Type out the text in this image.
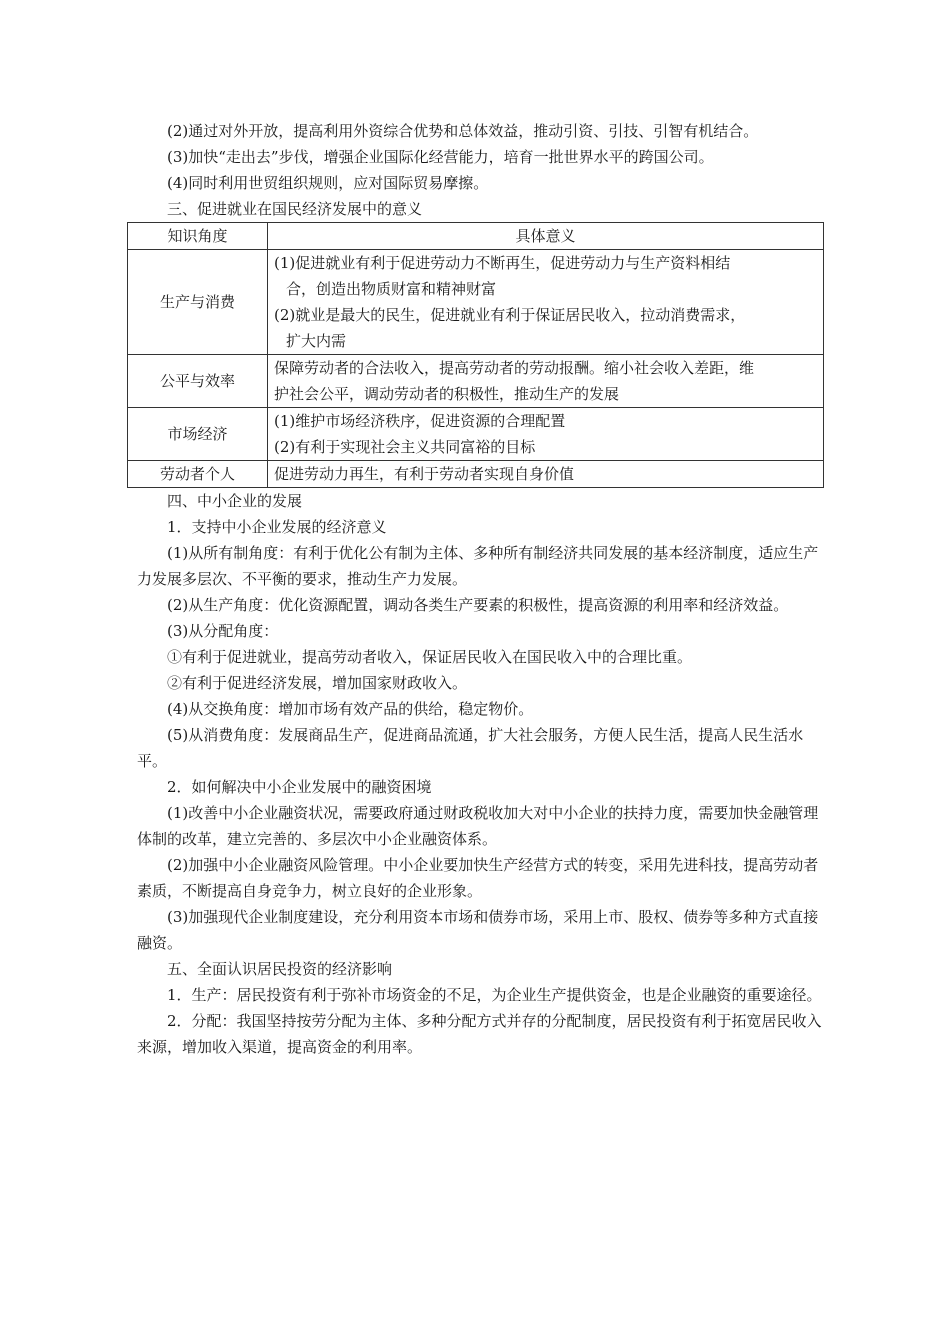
(2)通过对外开放，提高利用外资综合优势和总体效益，推动引资、引技、引智有机结合。

(3)加快“走出去”步伐，增强企业国际化经营能力，培育一批世界水平的跨国公司。

(4)同时利用世贸组织规则，应对国际贸易摩擦。

三、促进就业在国民经济发展中的意义

知识角度	具体意义
生产与消费	(1)促进就业有利于促进劳动力不断再生，促进劳动力与生产资料相结
合，创造出物质财富和精神财富
(2)就业是最大的民生，促进就业有利于保证居民收入，拉动消费需求，
扩大内需

公平与效率	保障劳动者的合法收入，提高劳动者的劳动报酬。缩小社会收入差距，维
护社会公平，调动劳动者的积极性，推动生产的发展

市场经济	(1)维护市场经济秩序，促进资源的合理配置
(2)有利于实现社会主义共同富裕的目标

劳动者个人	促进劳动力再生，有利于劳动者实现自身价值

四、中小企业的发展

1．支持中小企业发展的经济意义

(1)从所有制角度：有利于优化公有制为主体、多种所有制经济共同发展的基本经济制度，适应生产力发展多层次、不平衡的要求，推动生产力发展。

(2)从生产角度：优化资源配置，调动各类生产要素的积极性，提高资源的利用率和经济效益。

(3)从分配角度：

①有利于促进就业，提高劳动者收入，保证居民收入在国民收入中的合理比重。

②有利于促进经济发展，增加国家财政收入。

(4)从交换角度：增加市场有效产品的供给，稳定物价。

(5)从消费角度：发展商品生产，促进商品流通，扩大社会服务，方便人民生活，提高人民生活水平。

2．如何解决中小企业发展中的融资困境

(1)改善中小企业融资状况，需要政府通过财政税收加大对中小企业的扶持力度，需要加快金融管理体制的改革，建立完善的、多层次中小企业融资体系。

(2)加强中小企业融资风险管理。中小企业要加快生产经营方式的转变，采用先进科技，提高劳动者素质，不断提高自身竞争力，树立良好的企业形象。

(3)加强现代企业制度建设，充分利用资本市场和债券市场，采用上市、股权、债券等多种方式直接融资。

五、全面认识居民投资的经济影响

1．生产：居民投资有利于弥补市场资金的不足，为企业生产提供资金，也是企业融资的重要途径。

2．分配：我国坚持按劳分配为主体、多种分配方式并存的分配制度，居民投资有利于拓宽居民收入来源，增加收入渠道，提高资金的利用率。
